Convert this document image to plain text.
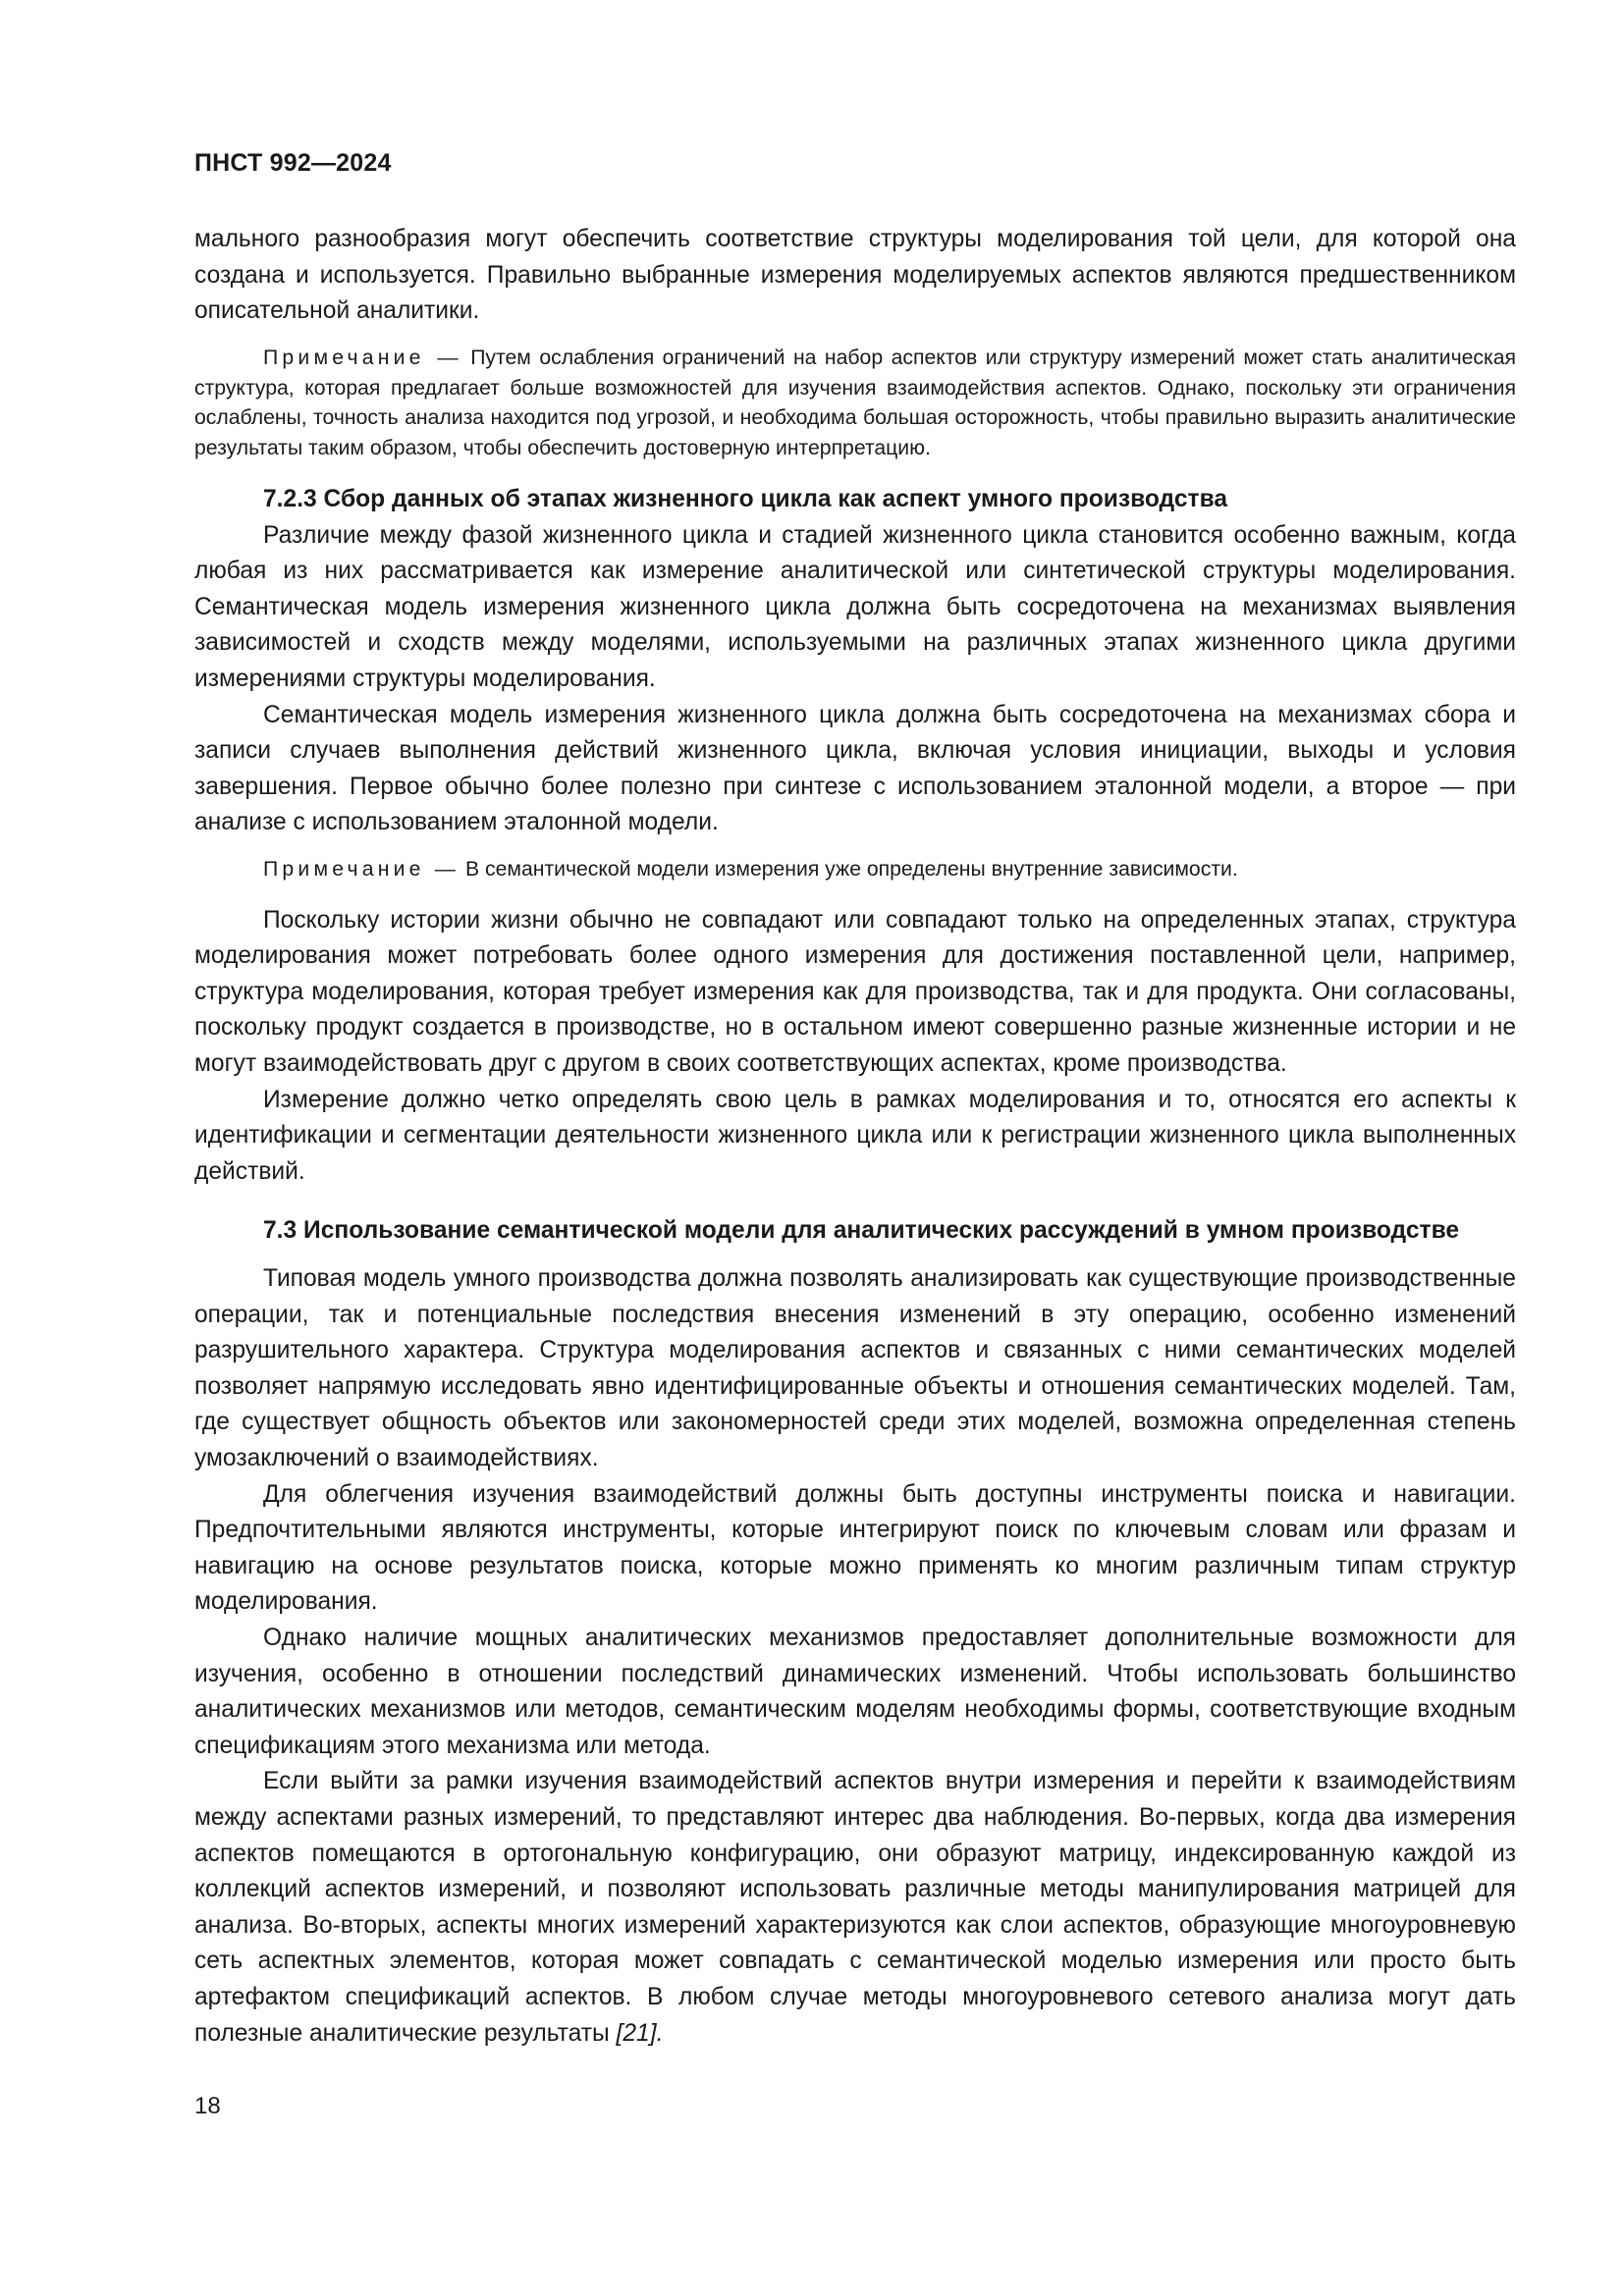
ПНСТ 992—2024

мального разнообразия могут обеспечить соответствие структуры моделирования той цели, для которой она создана и используется. Правильно выбранные измерения моделируемых аспектов являются предшественником описательной аналитики.

Примечание — Путем ослабления ограничений на набор аспектов или структуру измерений может стать аналитическая структура, которая предлагает больше возможностей для изучения взаимодействия аспектов. Однако, поскольку эти ограничения ослаблены, точность анализа находится под угрозой, и необходима большая осторожность, чтобы правильно выразить аналитические результаты таким образом, чтобы обеспечить достоверную интерпретацию.

7.2.3 Сбор данных об этапах жизненного цикла как аспект умного производства

Различие между фазой жизненного цикла и стадией жизненного цикла становится особенно важным, когда любая из них рассматривается как измерение аналитической или синтетической структуры моделирования. Семантическая модель измерения жизненного цикла должна быть сосредоточена на механизмах выявления зависимостей и сходств между моделями, используемыми на различных этапах жизненного цикла другими измерениями структуры моделирования.

Семантическая модель измерения жизненного цикла должна быть сосредоточена на механизмах сбора и записи случаев выполнения действий жизненного цикла, включая условия инициации, выходы и условия завершения. Первое обычно более полезно при синтезе с использованием эталонной модели, а второе — при анализе с использованием эталонной модели.

Примечание — В семантической модели измерения уже определены внутренние зависимости.

Поскольку истории жизни обычно не совпадают или совпадают только на определенных этапах, структура моделирования может потребовать более одного измерения для достижения поставленной цели, например, структура моделирования, которая требует измерения как для производства, так и для продукта. Они согласованы, поскольку продукт создается в производстве, но в остальном имеют совершенно разные жизненные истории и не могут взаимодействовать друг с другом в своих соответствующих аспектах, кроме производства.

Измерение должно четко определять свою цель в рамках моделирования и то, относятся его аспекты к идентификации и сегментации деятельности жизненного цикла или к регистрации жизненного цикла выполненных действий.

7.3 Использование семантической модели для аналитических рассуждений в умном производстве

Типовая модель умного производства должна позволять анализировать как существующие производственные операции, так и потенциальные последствия внесения изменений в эту операцию, особенно изменений разрушительного характера. Структура моделирования аспектов и связанных с ними семантических моделей позволяет напрямую исследовать явно идентифицированные объекты и отношения семантических моделей. Там, где существует общность объектов или закономерностей среди этих моделей, возможна определенная степень умозаключений о взаимодействиях.

Для облегчения изучения взаимодействий должны быть доступны инструменты поиска и навигации. Предпочтительными являются инструменты, которые интегрируют поиск по ключевым словам или фразам и навигацию на основе результатов поиска, которые можно применять ко многим различным типам структур моделирования.

Однако наличие мощных аналитических механизмов предоставляет дополнительные возможности для изучения, особенно в отношении последствий динамических изменений. Чтобы использовать большинство аналитических механизмов или методов, семантическим моделям необходимы формы, соответствующие входным спецификациям этого механизма или метода.

Если выйти за рамки изучения взаимодействий аспектов внутри измерения и перейти к взаимодействиям между аспектами разных измерений, то представляют интерес два наблюдения. Во-первых, когда два измерения аспектов помещаются в ортогональную конфигурацию, они образуют матрицу, индексированную каждой из коллекций аспектов измерений, и позволяют использовать различные методы манипулирования матрицей для анализа. Во-вторых, аспекты многих измерений характеризуются как слои аспектов, образующие многоуровневую сеть аспектных элементов, которая может совпадать с семантической моделью измерения или просто быть артефактом спецификаций аспектов. В любом случае методы многоуровневого сетевого анализа могут дать полезные аналитические результаты [21].

18
